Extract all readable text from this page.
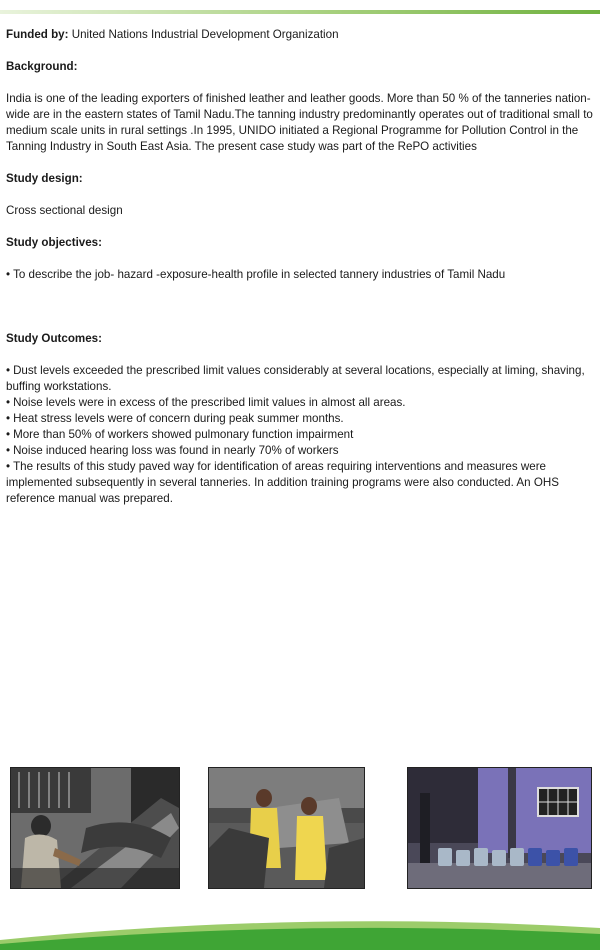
Funded by: United Nations Industrial Development Organization

Background:

India is one of the leading exporters of finished leather and leather goods. More than 50 % of the tanneries nation-wide are in the eastern states of Tamil Nadu.The tanning industry predominantly operates out of traditional small to medium scale units in rural settings .In 1995, UNIDO initiated a Regional Programme for Pollution Control in the Tanning Industry in South East Asia. The present case study was part of the RePO activities

Study design:

Cross sectional design

Study objectives:

• To describe the job- hazard -exposure-health profile in selected tannery industries of Tamil Nadu

Study Outcomes:

• Dust levels exceeded the prescribed limit values considerably at several locations, especially at liming, shaving, buffing workstations.
• Noise levels were in excess of the prescribed limit values in almost all areas.
• Heat stress levels were of concern during peak summer months.
• More than 50% of workers showed pulmonary function impairment
• Noise induced hearing loss was found in nearly 70% of workers
• The results of this study paved way for identification of areas requiring interventions and measures were implemented subsequently in several tanneries. In addition training programs were also conducted. An OHS reference manual was prepared.
